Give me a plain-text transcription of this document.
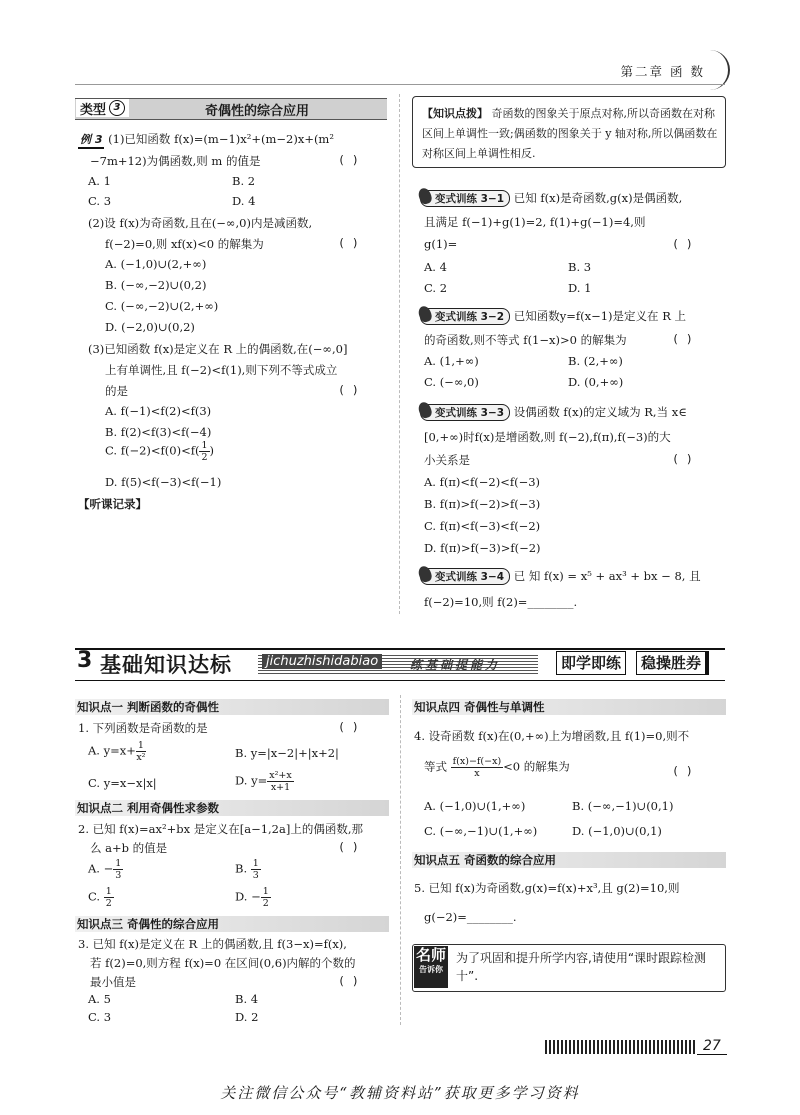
第二章 函 数
类型 3	奇偶性的综合应用
例 3 (1)已知函数 f(x)=(m−1)x²+(m−2)x+(m²
−7m+12)为偶函数,则 m 的值是	( )
A. 1	B. 2
C. 3	D. 4
(2)设 f(x)为奇函数,且在(−∞,0)内是减函数,
f(−2)=0,则 xf(x)<0 的解集为	( )
A. (−1,0)∪(2,+∞)
B. (−∞,−2)∪(0,2)
C. (−∞,−2)∪(2,+∞)
D. (−2,0)∪(0,2)
(3)已知函数 f(x)是定义在 R 上的偶函数,在(−∞,0]
上有单调性,且 f(−2)<f(1),则下列不等式成立
的是	( )
A. f(−1)<f(2)<f(3)
B. f(2)<f(3)<f(−4)
C. $f(-2)<f(0)<f( \frac{1}{2}$ )
D. f(5)<f(−3)<f(−1)
【听课记录】
【知识点拨】 奇函数的图象关于原点对称,所以奇函数在对称区间上单调性一致;偶函数的图象关于 y 轴对称,所以偶函数在对称区间上单调性相反.
变式训练 3−1 已知 f(x)是奇函数,g(x)是偶函数,
且满足 f(−1)+g(1)=2, f(1)+g(−1)=4,则
g(1)=	( )
A. 4	B. 3
C. 2	D. 1
变式训练 3−2 已知函数y=f(x−1)是定义在 R 上
的奇函数,则不等式 f(1−x)>0 的解集为	( )
A. (1,+∞)	B. (2,+∞)
C. (−∞,0)	D. (0,+∞)
变式训练 3−3 设偶函数 f(x)的定义域为 R,当 x∈
[0,+∞)时f(x)是增函数,则 f(−2),f(π),f(−3)的大
小关系是	( )
A. f(π)<f(−2)<f(−3)
B. f(π)>f(−2)>f(−3)
C. f(π)<f(−3)<f(−2)
D. f(π)>f(−3)>f(−2)
变式训练 3−4 已 知 f(x) = x⁵ + ax³ + bx − 8, 且
f(−2)=10,则 f(2)=________.
3 基础知识达标	jichuzhishidabiao	练基础提能力	即学即练	稳操胜券
知识点一 判断函数的奇偶性
1. 下列函数是奇函数的是	( )
A. $y=x+ \frac{1}{\text{x²}}$	B. y=|x−2|+|x+2|
C. y=x−x|x|	D. $y= \frac{\text{x²+x}}{x+1}$
知识点二 利用奇偶性求参数
2. 已知 f(x)=ax²+bx 是定义在[a−1,2a]上的偶函数,那
么 a+b 的值是	( )
A. − $\frac{1}{3}$	B. $\frac{1}{3}$
C. $\frac{1}{2}$	D. − $\frac{1}{2}$
知识点三 奇偶性的综合应用
3. 已知 f(x)是定义在 R 上的偶函数,且 f(3−x)=f(x),
若 f(2)=0,则方程 f(x)=0 在区间(0,6)内解的个数的
最小值是	( )
A. 5	B. 4
C. 3	D. 2
知识点四 奇偶性与单调性
4. 设奇函数 f(x)在(0,+∞)上为增函数,且 f(1)=0,则不
等式 $\frac{f(x)-f(-x)}{x} <0$ 的解集为	( )
A. (−1,0)∪(1,+∞)	B. (−∞,−1)∪(0,1)
C. (−∞,−1)∪(1,+∞)	D. (−1,0)∪(0,1)
知识点五 奇函数的综合应用
5. 已知 f(x)为奇函数,g(x)=f(x)+x³,且 g(2)=10,则
g(−2)=________.
名师
告诉你
为了巩固和提升所学内容,请使用“课时跟踪检测十”.
27
关注微信公众号“教辅资料站”获取更多学习资料
